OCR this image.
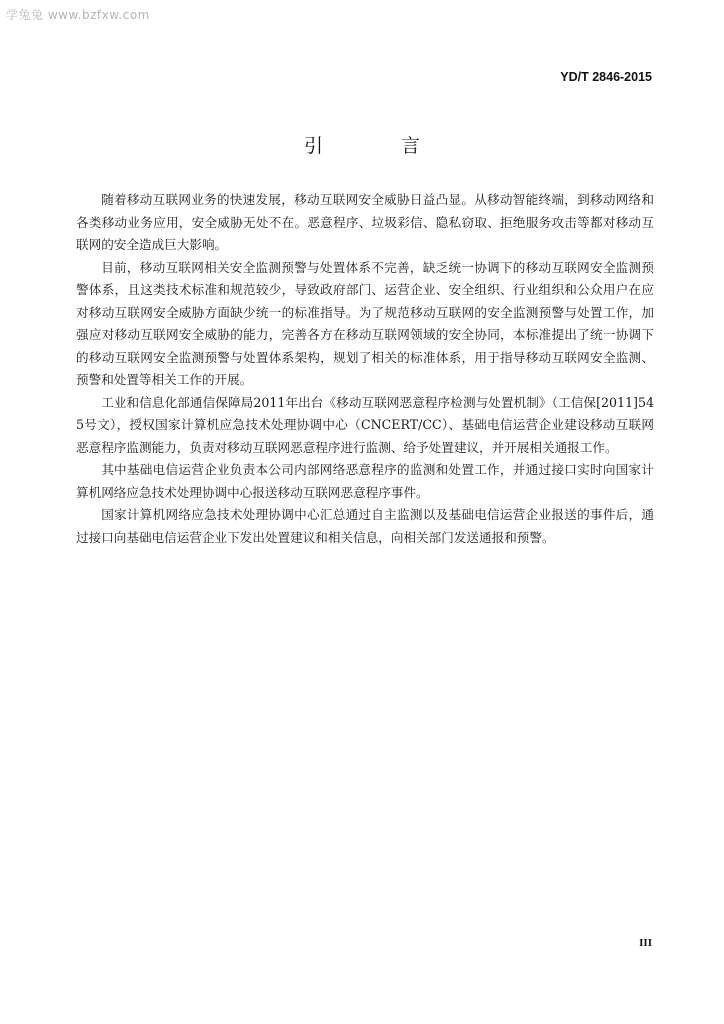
学兔兔 www.bzfxw.com
YD/T 2846-2015
引 言

随着移动互联网业务的快速发展，移动互联网安全威胁日益凸显。从移动智能终端，到移动网络和各类移动业务应用，安全威胁无处不在。恶意程序、垃圾彩信、隐私窃取、拒绝服务攻击等都对移动互联网的安全造成巨大影响。

目前，移动互联网相关安全监测预警与处置体系不完善，缺乏统一协调下的移动互联网安全监测预警体系，且这类技术标准和规范较少，导致政府部门、运营企业、安全组织、行业组织和公众用户在应对移动互联网安全威胁方面缺少统一的标准指导。为了规范移动互联网的安全监测预警与处置工作，加强应对移动互联网安全威胁的能力，完善各方在移动互联网领域的安全协同，本标准提出了统一协调下的移动互联网安全监测预警与处置体系架构，规划了相关的标准体系，用于指导移动互联网安全监测、预警和处置等相关工作的开展。

工业和信息化部通信保障局2011年出台《移动互联网恶意程序检测与处置机制》（工信保[2011]545号文），授权国家计算机应急技术处理协调中心（CNCERT/CC）、基础电信运营企业建设移动互联网恶意程序监测能力，负责对移动互联网恶意程序进行监测、给予处置建议，并开展相关通报工作。

其中基础电信运营企业负责本公司内部网络恶意程序的监测和处置工作，并通过接口实时向国家计算机网络应急技术处理协调中心报送移动互联网恶意程序事件。

国家计算机网络应急技术处理协调中心汇总通过自主监测以及基础电信运营企业报送的事件后，通过接口向基础电信运营企业下发出处置建议和相关信息，向相关部门发送通报和预警。

III
